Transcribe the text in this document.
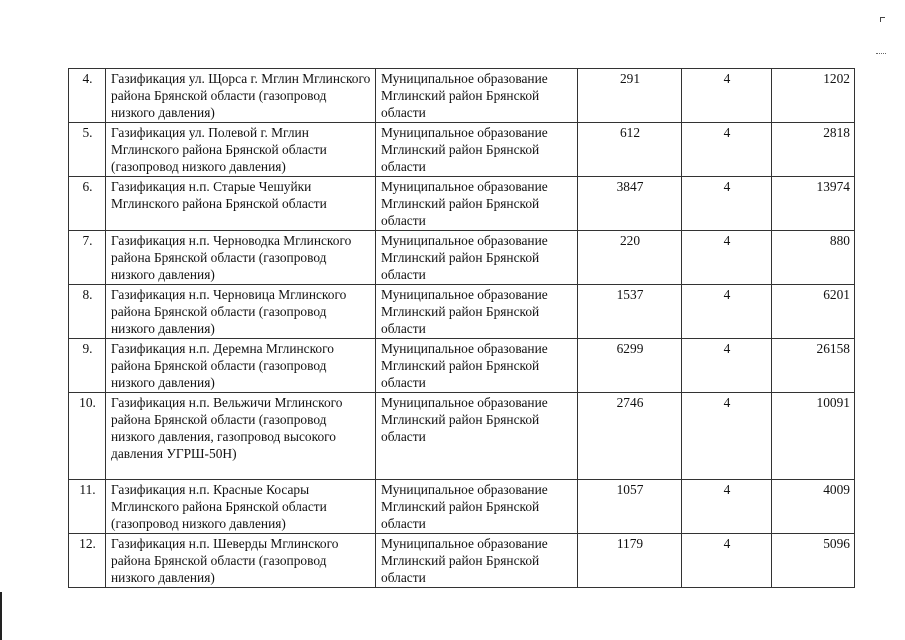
4.	Газификация ул. Щорса г. Мглин Мглинского района Брянской области (газопровод низкого давления)	Муниципальное образование Мглинский район Брянской области	291	4	1202
5.	Газификация ул. Полевой г. Мглин Мглинского района Брянской области (газопровод низкого давления)	Муниципальное образование Мглинский район Брянской области	612	4	2818
6.	Газификация н.п. Старые Чешуйки Мглинского района Брянской области	Муниципальное образование Мглинский район Брянской области	3847	4	13974
7.	Газификация н.п. Черноводка Мглинского района Брянской области (газопровод низкого давления)	Муниципальное образование Мглинский район Брянской области	220	4	880
8.	Газификация н.п. Черновица Мглинского района Брянской области (газопровод низкого давления)	Муниципальное образование Мглинский район Брянской области	1537	4	6201
9.	Газификация н.п. Деремна Мглинского района Брянской области (газопровод низкого давления)	Муниципальное образование Мглинский район Брянской области	6299	4	26158
10.	Газификация н.п. Вельжичи Мглинского района Брянской области (газопровод низкого давления, газопровод высокого давления УГРШ-50Н)	Муниципальное образование Мглинский район Брянской области	2746	4	10091
11.	Газификация н.п. Красные Косары Мглинского района Брянской области (газопровод низкого давления)	Муниципальное образование Мглинский район Брянской области	1057	4	4009
12.	Газификация н.п. Шеверды Мглинского района Брянской области (газопровод низкого давления)	Муниципальное образование Мглинский район Брянской области	1179	4	5096
